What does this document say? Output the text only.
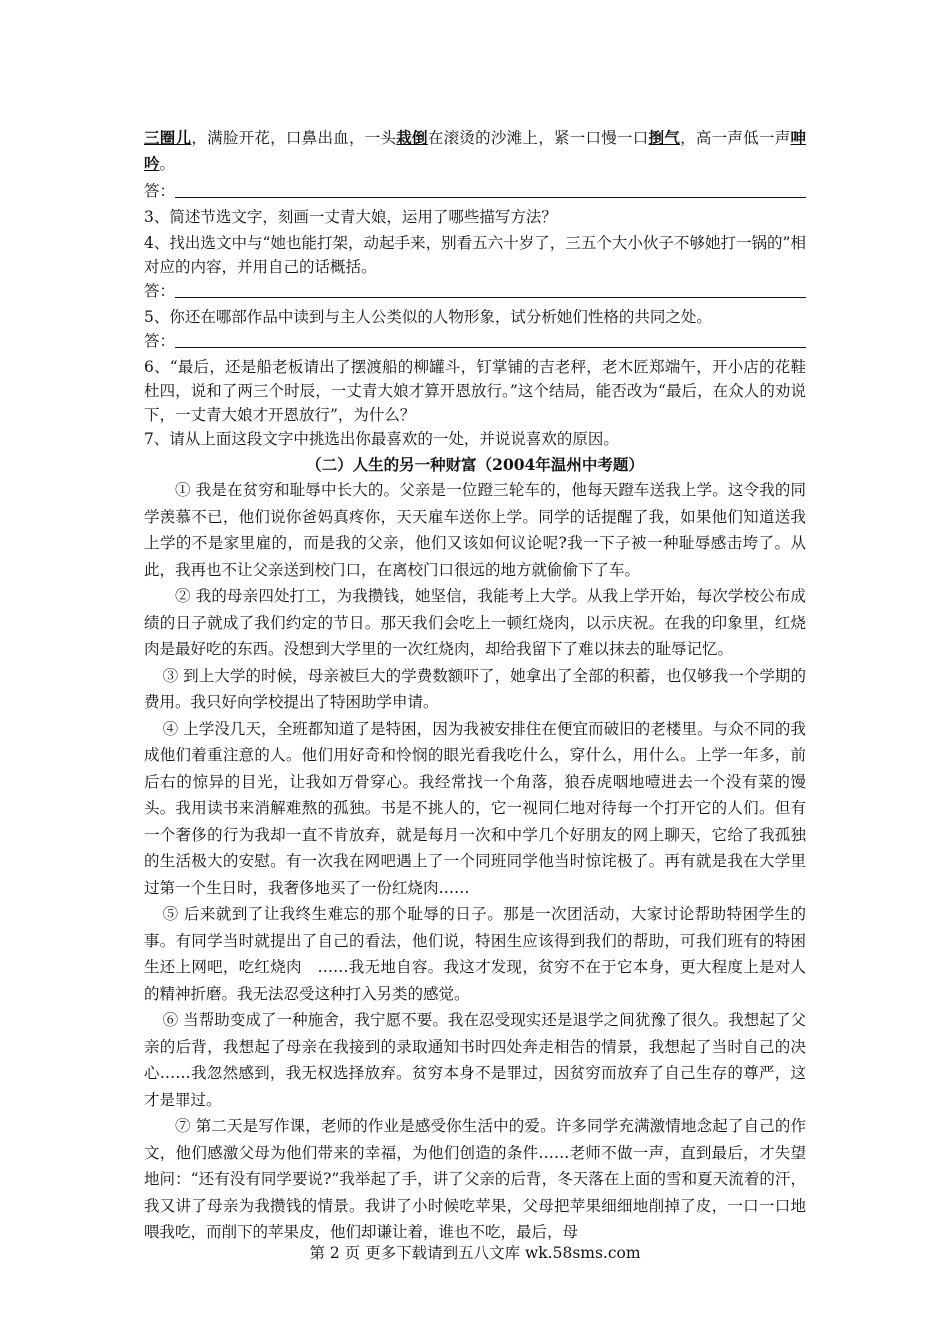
三圈儿，满脸开花，口鼻出血，一头栽倒在滚烫的沙滩上，紧一口慢一口捯气，高一声低一声呻吟。

答：

3、简述节选文字，刻画一丈青大娘，运用了哪些描写方法？

4、找出选文中与“她也能打架，动起手来，别看五六十岁了，三五个大小伙子不够她打一锅的”相对应的内容，并用自己的话概括。

答：

5、你还在哪部作品中读到与主人公类似的人物形象，试分析她们性格的共同之处。

答：

6、“最后，还是船老板请出了摆渡船的柳罐斗，钉掌铺的吉老秤，老木匠郑端午，开小店的花鞋杜四，说和了两三个时辰，一丈青大娘才算开恩放行。”这个结局，能否改为“最后，在众人的劝说下，一丈青大娘才开恩放行”，为什么？

7、请从上面这段文字中挑选出你最喜欢的一处，并说说喜欢的原因。

（二）人生的另一种财富（2004年温州中考题）

① 我是在贫穷和耻辱中长大的。父亲是一位蹬三轮车的，他每天蹬车送我上学。这令我的同学羡慕不已，他们说你爸妈真疼你，天天雇车送你上学。同学的话提醒了我，如果他们知道送我上学的不是家里雇的，而是我的父亲，他们又该如何议论呢?我一下子被一种耻辱感击垮了。从此，我再也不让父亲送到校门口，在离校门口很远的地方就偷偷下了车。

② 我的母亲四处打工，为我攒钱，她坚信，我能考上大学。从我上学开始，每次学校公布成绩的日子就成了我们约定的节日。那天我们会吃上一顿红烧肉，以示庆祝。在我的印象里，红烧肉是最好吃的东西。没想到大学里的一次红烧肉，却给我留下了难以抹去的耻辱记忆。

③ 到上大学的时候，母亲被巨大的学费数额吓了，她拿出了全部的积蓄，也仅够我一个学期的费用。我只好向学校提出了特困助学申请。

④ 上学没几天，全班都知道了是特困，因为我被安排住在便宜而破旧的老楼里。与众不同的我成他们着重注意的人。他们用好奇和怜悯的眼光看我吃什么，穿什么，用什么。上学一年多，前后右的惊异的目光，让我如万骨穿心。我经常找一个角落，狼吞虎咽地噎进去一个没有菜的馒头。我用读书来消解难熬的孤独。书是不挑人的，它一视同仁地对待每一个打开它的人们。但有一个奢侈的行为我却一直不肯放弃，就是每月一次和中学几个好朋友的网上聊天，它给了我孤独的生活极大的安慰。有一次我在网吧遇上了一个同班同学他当时惊诧极了。再有就是我在大学里过第一个生日时，我奢侈地买了一份红烧肉……

⑤ 后来就到了让我终生难忘的那个耻辱的日子。那是一次团活动，大家讨论帮助特困学生的事。有同学当时就提出了自己的看法，他们说，特困生应该得到我们的帮助，可我们班有的特困生还上网吧，吃红烧肉　……我无地自容。我这才发现，贫穷不在于它本身，更大程度上是对人的精神折磨。我无法忍受这种打入另类的感觉。

⑥ 当帮助变成了一种施舍，我宁愿不要。我在忍受现实还是退学之间犹豫了很久。我想起了父亲的后背，我想起了母亲在我接到的录取通知书时四处奔走相告的情景，我想起了当时自己的决心……我忽然感到，我无权选择放弃。贫穷本身不是罪过，因贫穷而放弃了自己生存的尊严，这才是罪过。

⑦ 第二天是写作课，老师的作业是感受你生活中的爱。许多同学充满激情地念起了自己的作文，他们感激父母为他们带来的幸福，为他们创造的条件……老师不做一声，直到最后，才失望地问：“还有没有同学要说?”我举起了手，讲了父亲的后背，冬天落在上面的雪和夏天流着的汗，我又讲了母亲为我攒钱的情景。我讲了小时候吃苹果，父母把苹果细细地削掉了皮，一口一口地喂我吃，而削下的苹果皮，他们却谦让着，谁也不吃，最后，母

第 2 页 更多下载请到五八文库 wk.58sms.com
